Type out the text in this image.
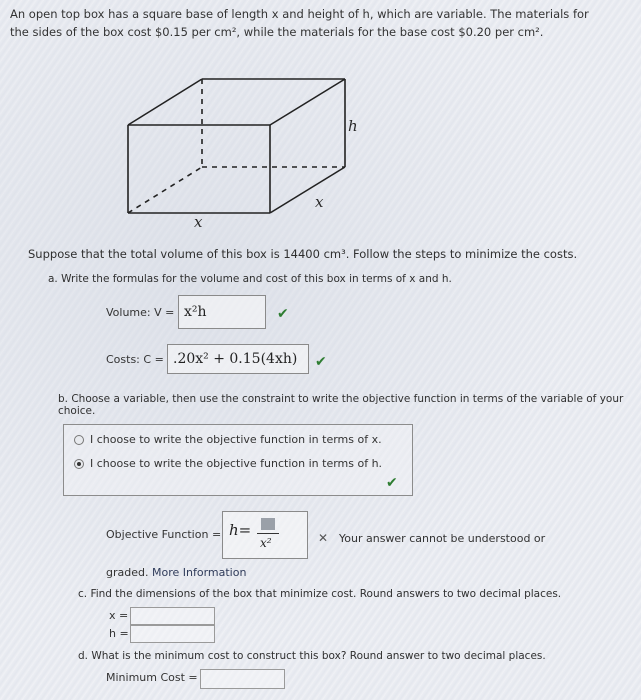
An open top box has a square base of length x and height of h, which are variable. The materials for
the sides of the box cost $0.15 per cm², while the materials for the base cost $0.20 per cm².
h
x
x
Suppose that the total volume of this box is 14400 cm³. Follow the steps to minimize the costs.
a. Write the formulas for the volume and cost of this box in terms of x and h.
Volume: V = x²h	✔
Costs: C = .20x² + 0.15(4xh) ✔
b. Choose a variable, then use the constraint to write the objective function in terms of the variable of your
choice.
I choose to write the objective function in terms of x.
I choose to write the objective function in terms of h.
✔
Objective Function = h=
x²	✕ Your answer cannot be understood or
graded. More Information
c. Find the dimensions of the box that minimize cost. Round answers to two decimal places.
x =
h =
d. What is the minimum cost to construct this box? Round answer to two decimal places.
Minimum Cost =
